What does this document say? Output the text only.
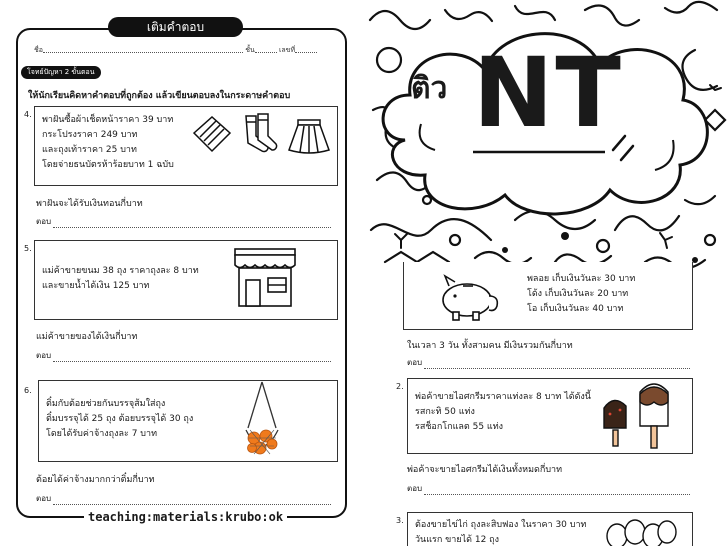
เติมคำตอบ
ชื่อ	ชั้น	เลขที่
โจทย์ปัญหา 2 ขั้นตอน
ให้นักเรียนคิดหาคำตอบที่ถูกต้อง แล้วเขียนตอบลงในกระดาษคำตอบ
4.
พาฝันซื้อผ้าเช็ดหน้าราคา 39 บาท
กระโปรงราคา 249 บาท
และถุงเท้าราคา 25 บาท
โดยจ่ายธนบัตรห้าร้อยบาท 1 ฉบับ
พาฝันจะได้รับเงินทอนกี่บาท
ตอบ
5.
แม่ค้าขายขนม 38 ถุง ราคาถุงละ 8 บาท
และขายน้ำได้เงิน 125 บาท
แม่ค้าขายของได้เงินกี่บาท
ตอบ
6.
ติ๋มกับต้อยช่วยกันบรรจุส้มใส่ถุง
ติ๋มบรรจุได้ 25 ถุง ต้อยบรรจุได้ 30 ถุง
โดยได้รับค่าจ้างถุงละ 7 บาท
ต้อยได้ค่าจ้างมากกว่าติ๋มกี่บาท
ตอบ
teaching:materials:krubo:ok
ติว NT
พลอย เก็บเงินวันละ 30 บาท
โด้ง เก็บเงินวันละ 20 บาท
โอ เก็บเงินวันละ 40 บาท
ในเวลา 3 วัน ทั้งสามคน มีเงินรวมกันกี่บาท
ตอบ
2.
พ่อค้าขายไอศกรีมราคาแท่งละ 8 บาท ได้ดังนี้
รสกะทิ 50 แท่ง
รสช็อกโกแลต 55 แท่ง
พ่อค้าจะขายไอศกรีมได้เงินทั้งหมดกี่บาท
ตอบ
3. ต้องขายไข่ไก่ ถุงละสิบฟอง ในราคา 30 บาท
วันแรก ขายได้ 12 ถุง
